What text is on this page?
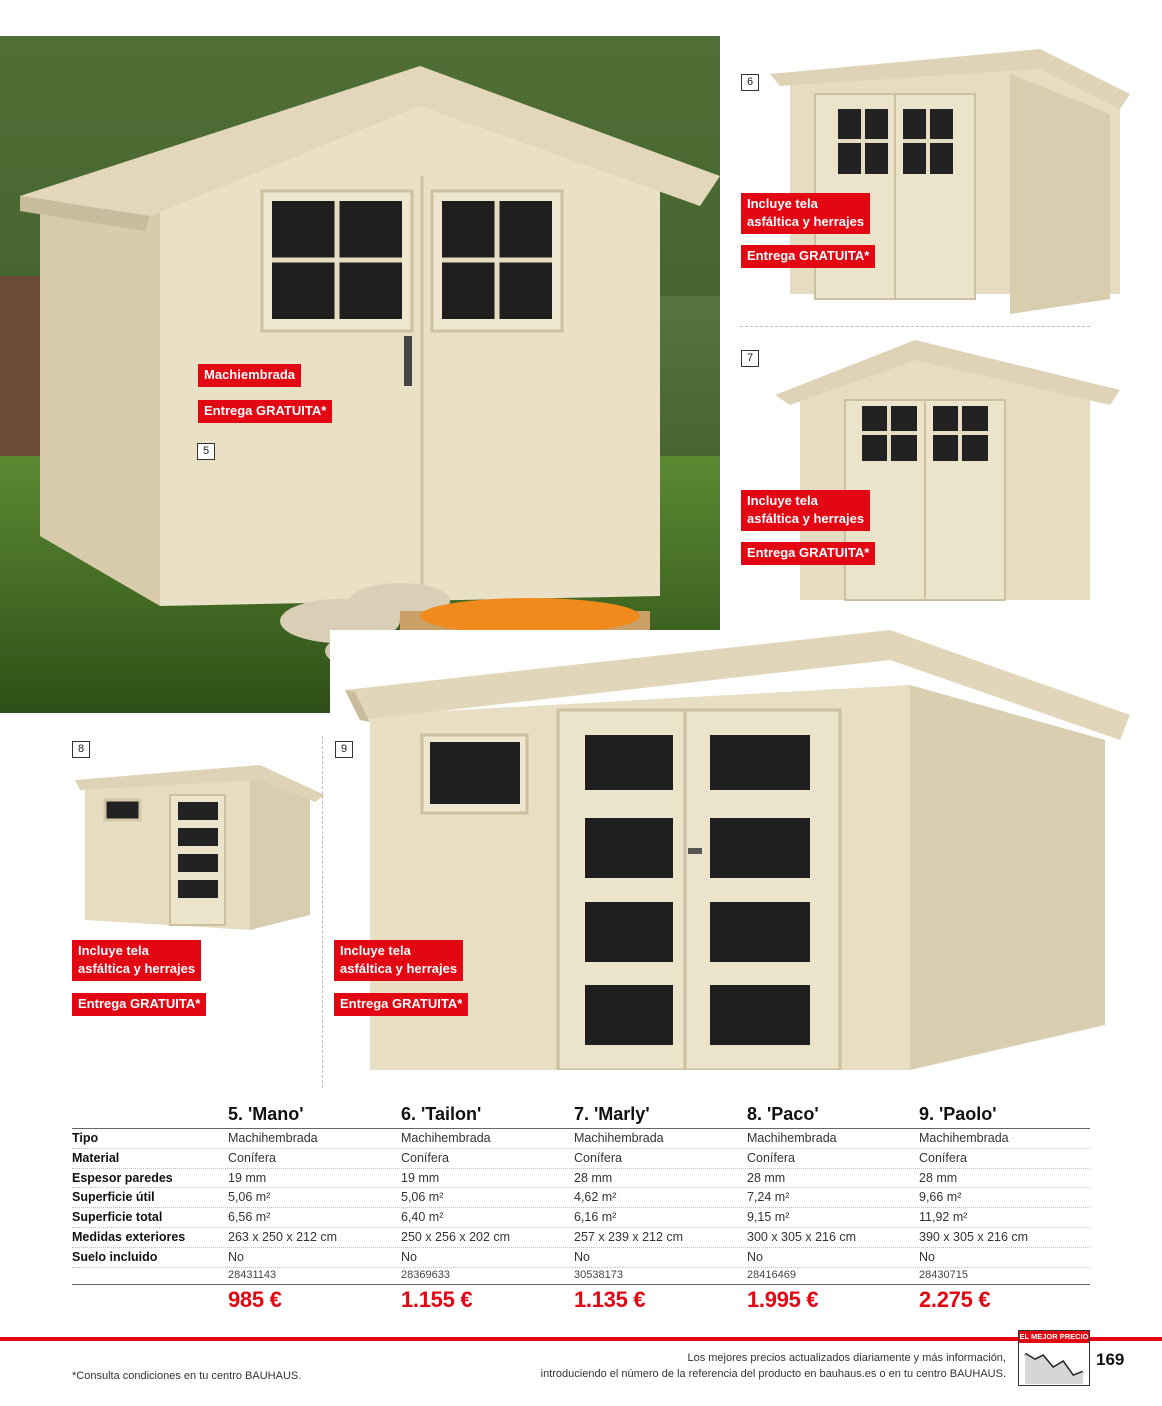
5
6
7
8	9
Machiembrada
Entrega GRATUITA*
Incluye tela
asfáltica y herrajes
Entrega GRATUITA*
Incluye tela
asfáltica y herrajes
Entrega GRATUITA*
Incluye tela
asfáltica y herrajes
Entrega GRATUITA*
Incluye tela
asfáltica y herrajes
Entrega GRATUITA*
5. 'Mano'	6. 'Tailon'	7. 'Marly'	8. 'Paco'	9. 'Paolo'
Tipo	Machihembrada	Machihembrada	Machihembrada	Machihembrada	Machihembrada
Material	Conífera	Conífera	Conífera	Conífera	Conífera
Espesor paredes	19 mm	19 mm	28 mm	28 mm	28 mm
Superficie útil	5,06 m²	5,06 m²	4,62 m²	7,24 m²	9,66 m²
Superficie total	6,56 m²	6,40 m²	6,16 m²	9,15 m²	11,92 m²
Medidas exteriores	263 x 250 x 212 cm	250 x 256 x 202 cm	257 x 239 x 212 cm	300 x 305 x 216 cm	390 x 305 x 216 cm
Suelo incluido	No	No	No	No	No
28431143	28369633	30538173	28416469	28430715
985 €	1.155 €	1.135 €	1.995 €	2.275 €
*Consulta condiciones en tu centro BAUHAUS.
Los mejores precios actualizados diariamente y más información,
introduciendo el número de la referencia del producto en bauhaus.es o en tu centro BAUHAUS.
EL MEJOR PRECIO
169
